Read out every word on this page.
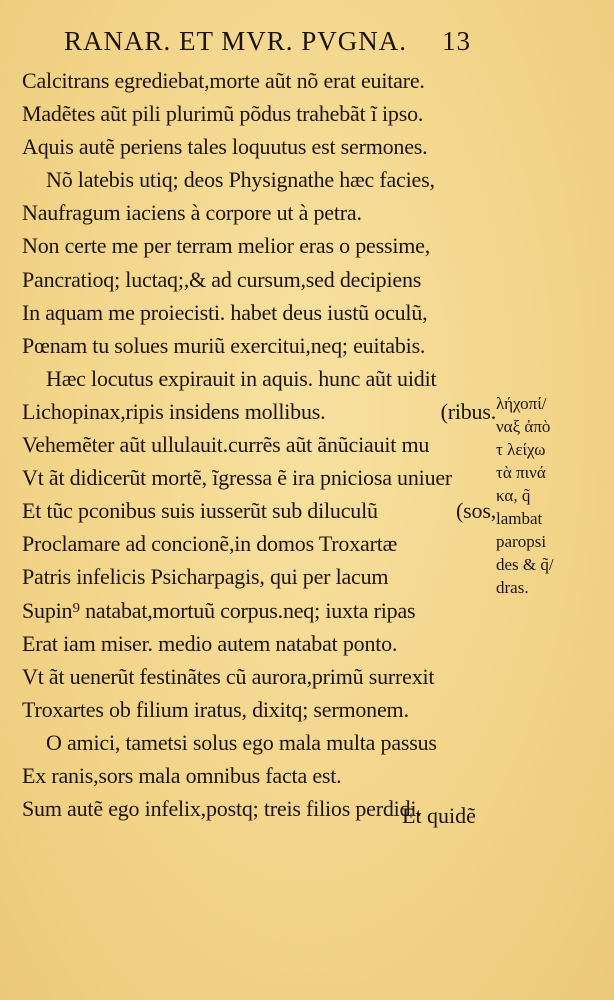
RANAR. ET MVR. PVGNA. 13
Calcitrans egrediebat,morte aũt nõ erat euitare.
Madẽtes aũt pili plurimũ põdus trahebãt ĩ ipso.
Aquis autẽ periens tales loquutus est sermones.
Nõ latebis utiq; deos Physignathe hæc facies,
Naufragum iaciens à corpore ut à petra.
Non certe me per terram melior eras o pessime,
Pancratioq; luctaq;,& ad cursum,sed decipiens
In aquam me proiecisti. habet deus iustũ oculũ,
Pœnam tu solues muriũ exercitui,neq; euitabis.
Hæc locutus expirauit in aquis. hunc aũt uidit
Lichopinax,ripis insidens mollibus.	(ribus.
Vehemẽter aũt ullulauit.currẽs aũt ãnũciauit mu
Vt ãt didicerũt mortẽ, ĩgressa ẽ ira pniciosa uniuer
Et tũc pconibus suis iusserũt sub diluculũ	(sos,
Proclamare ad concionẽ,in domos Troxartæ
Patris infelicis Psicharpagis, qui per lacum
Supin⁹ natabat,mortuũ corpus.neq; iuxta ripas
Erat iam miser. medio autem natabat ponto.
Vt ãt uenerũt festinãtes cũ aurora,primũ surrexit
Troxartes ob filium iratus, dixitq; sermonem.
O amici, tametsi solus ego mala multa passus
Ex ranis,sors mala omnibus facta est.
Sum autẽ ego infelix,postq; treis filios perdidi.
Et quidẽ
λήχοπί/
ναξ ἀπὸ
τ λείχω
τὰ πινά
κα, q̃
lambat
paropsi
des & q̃/
dras.
